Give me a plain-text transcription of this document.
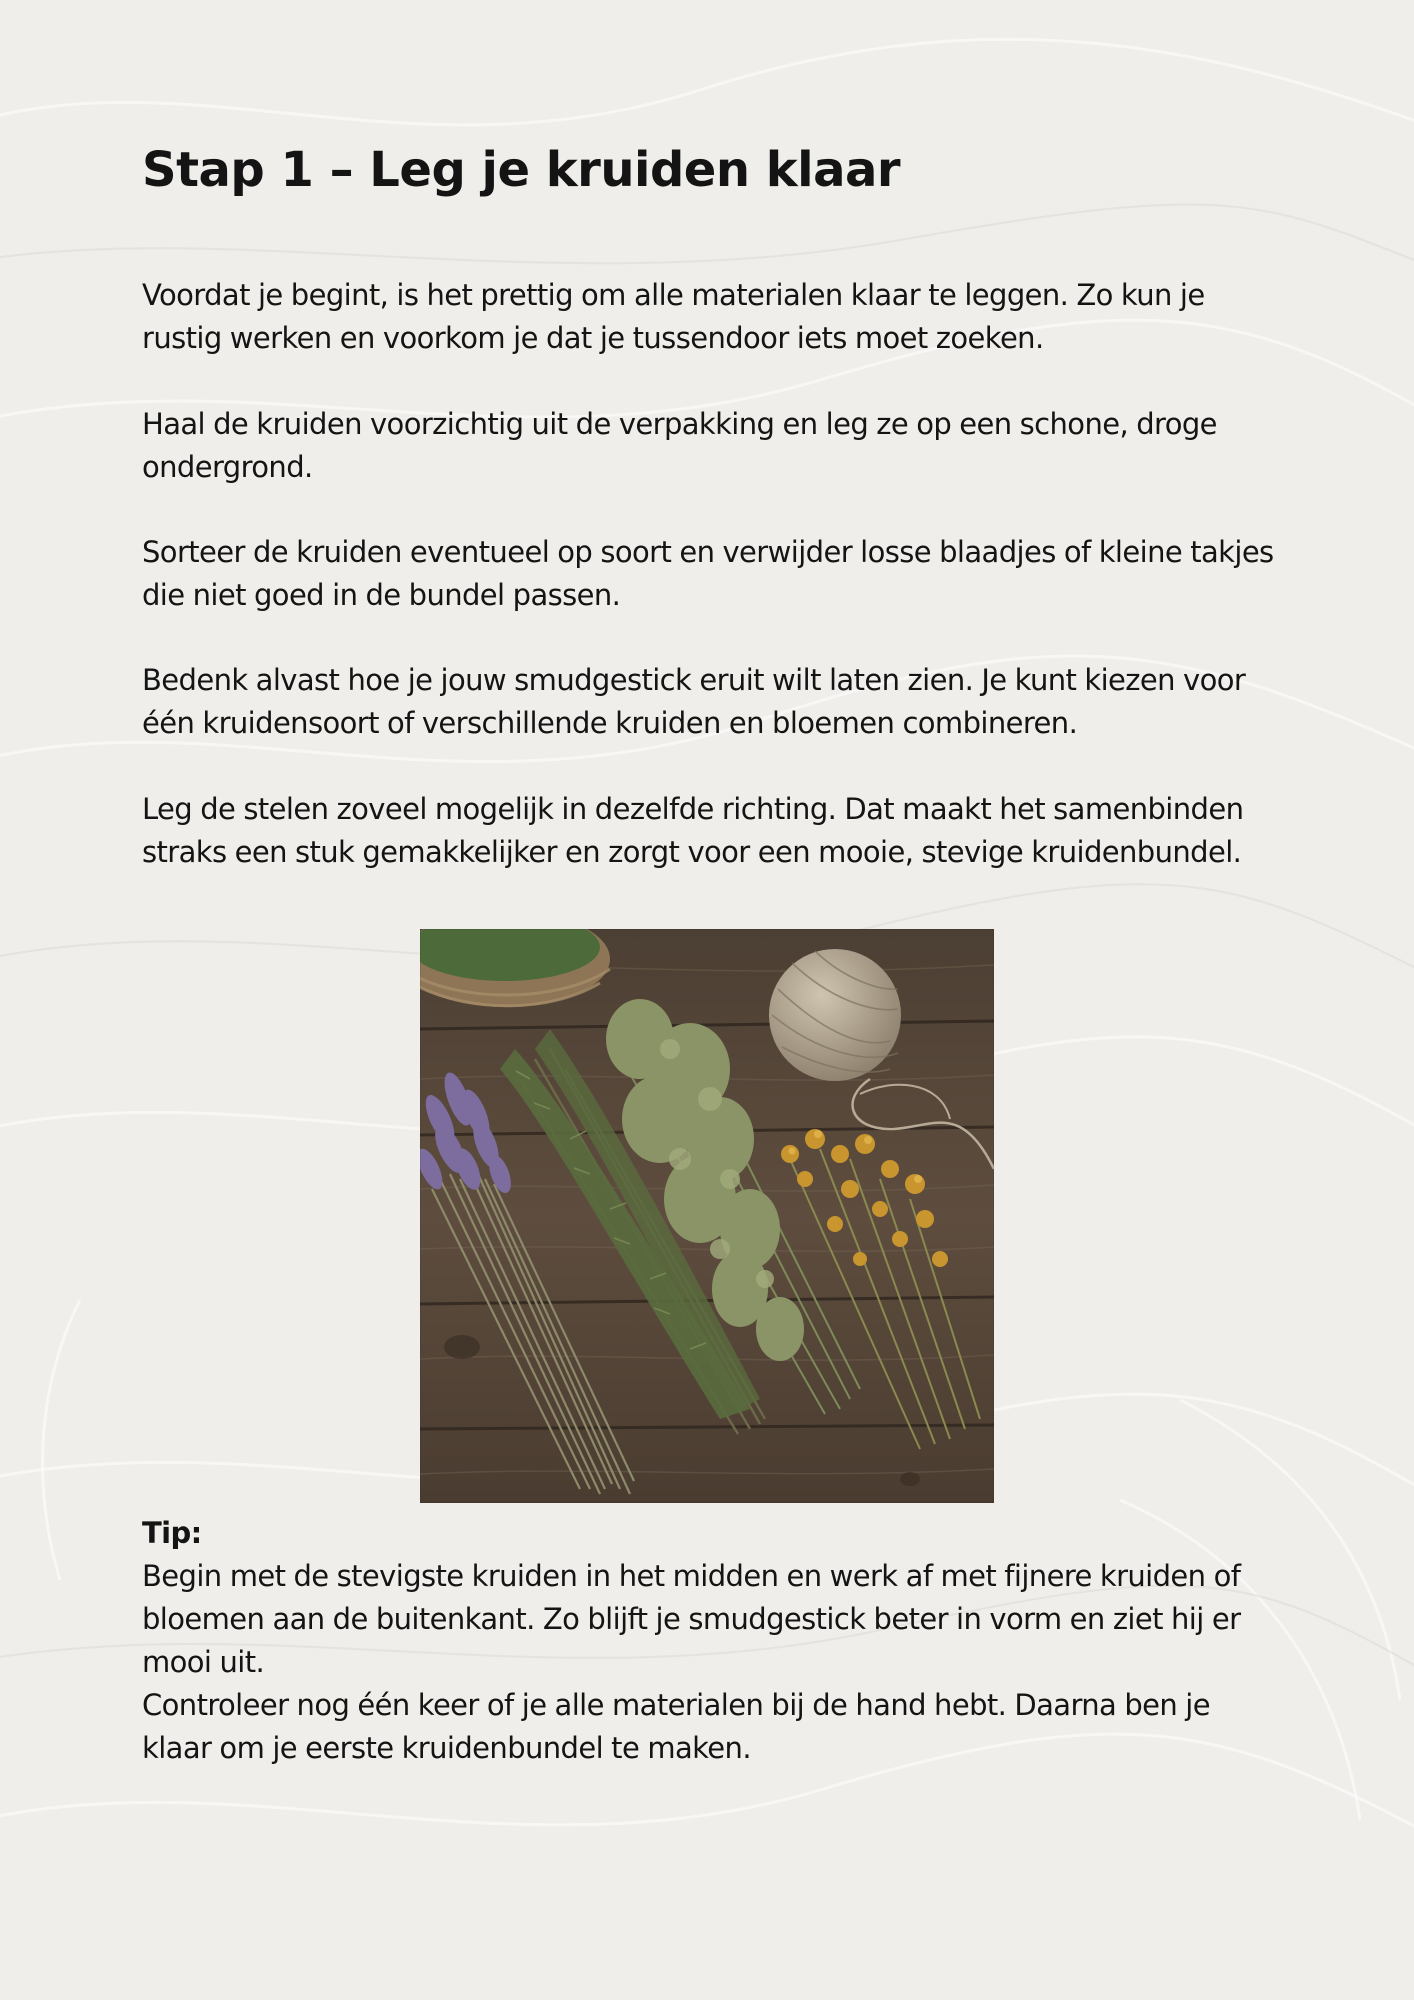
Stap 1 – Leg je kruiden klaar

Voordat je begint, is het prettig om alle materialen klaar te leggen. Zo kun je rustig werken en voorkom je dat je tussendoor iets moet zoeken.

Haal de kruiden voorzichtig uit de verpakking en leg ze op een schone, droge ondergrond.

Sorteer de kruiden eventueel op soort en verwijder losse blaadjes of kleine takjes die niet goed in de bundel passen.

Bedenk alvast hoe je jouw smudgestick eruit wilt laten zien. Je kunt kiezen voor één kruidensoort of verschillende kruiden en bloemen combineren.

Leg de stelen zoveel mogelijk in dezelfde richting. Dat maakt het samenbinden straks een stuk gemakkelijker en zorgt voor een mooie, stevige kruidenbundel.

Tip:

Begin met de stevigste kruiden in het midden en werk af met fijnere kruiden of bloemen aan de buitenkant. Zo blijft je smudgestick beter in vorm en ziet hij er mooi uit.

Controleer nog één keer of je alle materialen bij de hand hebt. Daarna ben je klaar om je eerste kruidenbundel te maken.
